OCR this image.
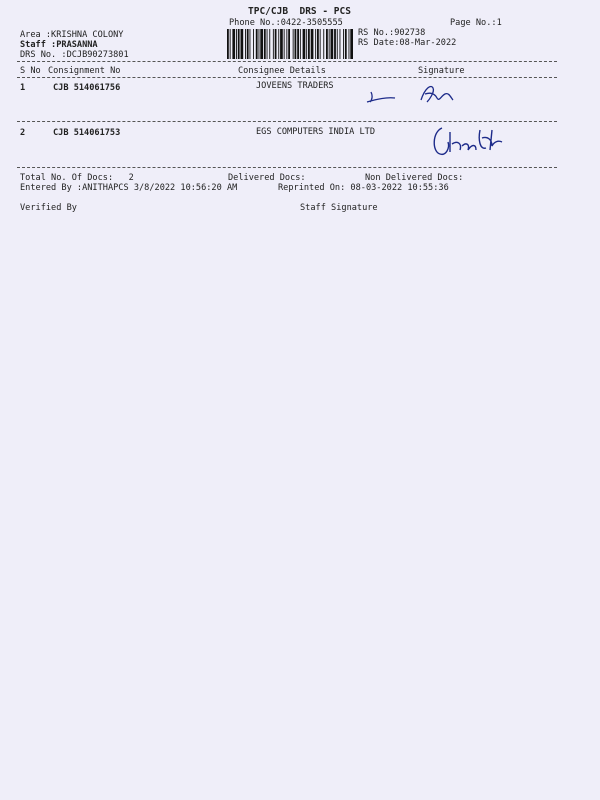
TPC/CJB  DRS - PCS
Phone No.:0422-3505555	Page No.:1
Area :KRISHNA COLONY
Staff :PRASANNA
DRS No. :DCJB90273801
RS No.:902738
RS Date:08-Mar-2022
S No Consignment No	Consignee Details	Signature
1	CJB 514061756	JOVEENS TRADERS
2	CJB 514061753	EGS COMPUTERS INDIA LTD
Total No. Of Docs:   2	Delivered Docs:	Non Delivered Docs:
Entered By :ANITHAPCS 3/8/2022 10:56:20 AM	Reprinted On: 08-03-2022 10:55:36
Verified By	Staff Signature
